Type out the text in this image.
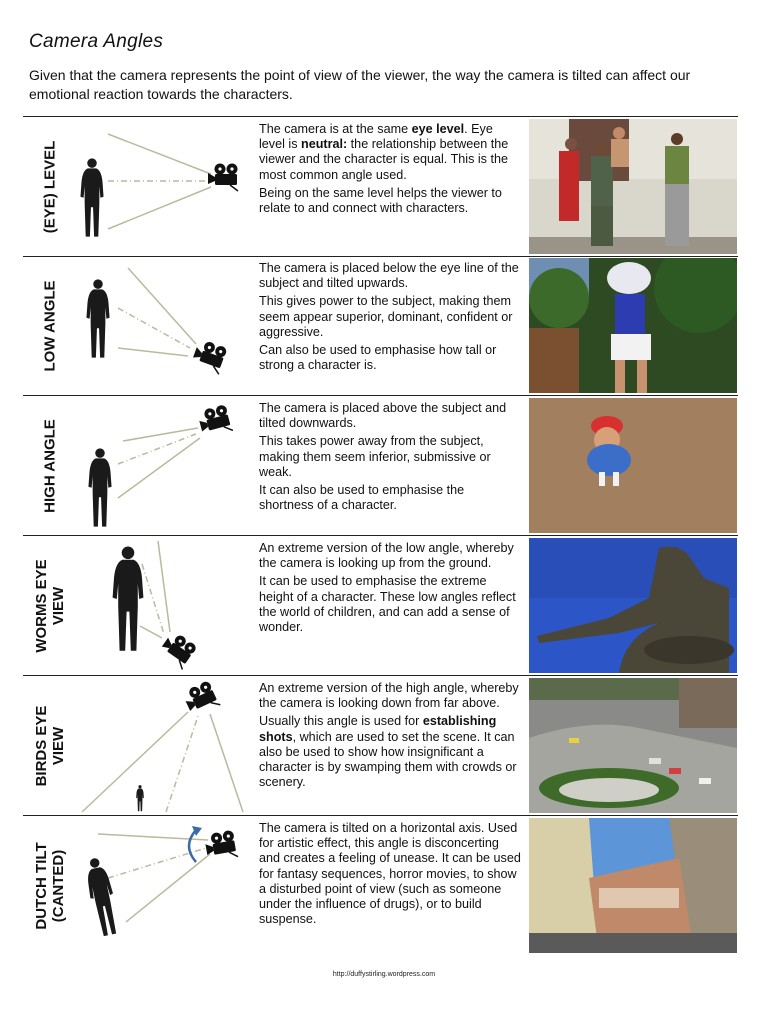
Camera Angles
Given that the camera represents the point of view of the viewer, the way the camera is tilted can affect our emotional reaction towards the characters.
(EYE) LEVEL

The camera is at the same eye level. Eye level is neutral: the relationship between the viewer and the character is equal. This is the most common angle used.

Being on the same level helps the viewer to relate to and connect with characters.

LOW ANGLE

The camera is placed below the eye line of the subject and tilted upwards.

This gives power to the subject, making them seem appear superior, dominant, confident or aggressive.

Can also be used to emphasise how tall or strong a character is.

HIGH ANGLE

The camera is placed above the subject and tilted downwards.

This takes power away from the subject, making them seem inferior, submissive or weak.

It can also be used to emphasise the shortness of a character.

WORMS EYE
VIEW

An extreme version of the low angle, whereby the camera is looking up from the ground.

It can be used to emphasise the extreme height of a character. These low angles reflect the world of children, and can add a sense of wonder.

BIRDS EYE
VIEW

An extreme version of the high angle, whereby the camera is looking down from far above.

Usually this angle is used for establishing shots, which are used to set the scene. It can also be used to show how insignificant a character is by swamping them with crowds or scenery.

DUTCH TILT
(CANTED)

The camera is tilted on a horizontal axis. Used for artistic effect, this angle is disconcerting and creates a feeling of unease. It can be used for fantasy sequences, horror movies, to show a disturbed point of view (such as someone under the influence of drugs), or to build suspense.

http://duffystirling.wordpress.com
